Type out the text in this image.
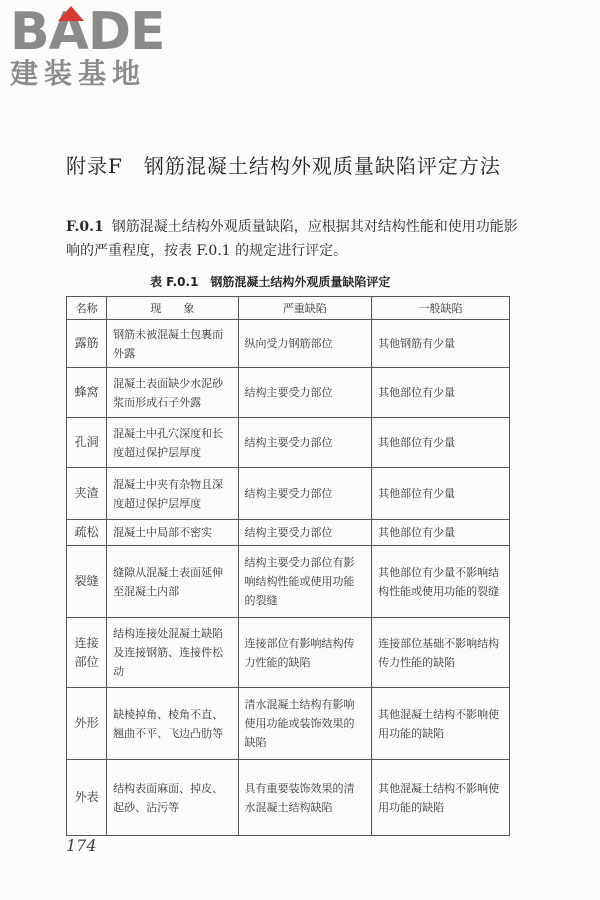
BADE
建装基地
附录F　钢筋混凝土结构外观质量缺陷评定方法
F.0.1 钢筋混凝土结构外观质量缺陷，应根据其对结构性能和使用功能影响的严重程度，按表 F.0.1 的规定进行评定。
表 F.0.1　钢筋混凝土结构外观质量缺陷评定
名称	现　　象	严重缺陷	一般缺陷
露筋	钢筋未被混凝土包裹而外露	纵向受力钢筋部位	其他钢筋有少量
蜂窝	混凝土表面缺少水泥砂浆而形成石子外露	结构主要受力部位	其他部位有少量
孔洞	混凝土中孔穴深度和长度超过保护层厚度	结构主要受力部位	其他部位有少量
夹渣	混凝土中夹有杂物且深度超过保护层厚度	结构主要受力部位	其他部位有少量
疏松	混凝土中局部不密实	结构主要受力部位	其他部位有少量
裂缝	缝隙从混凝土表面延伸至混凝土内部	结构主要受力部位有影响结构性能或使用功能的裂缝	其他部位有少量不影响结构性能或使用功能的裂缝
连接部位	结构连接处混凝土缺陷及连接钢筋、连接件松动	连接部位有影响结构传力性能的缺陷	连接部位基础不影响结构传力性能的缺陷
外形	缺棱掉角、棱角不直、翘曲不平、飞边凸肋等	清水混凝土结构有影响使用功能或装饰效果的缺陷	其他混凝土结构不影响使用功能的缺陷
外表	结构表面麻面、掉皮、起砂、沾污等	具有重要装饰效果的清水混凝土结构缺陷	其他混凝土结构不影响使用功能的缺陷
174
